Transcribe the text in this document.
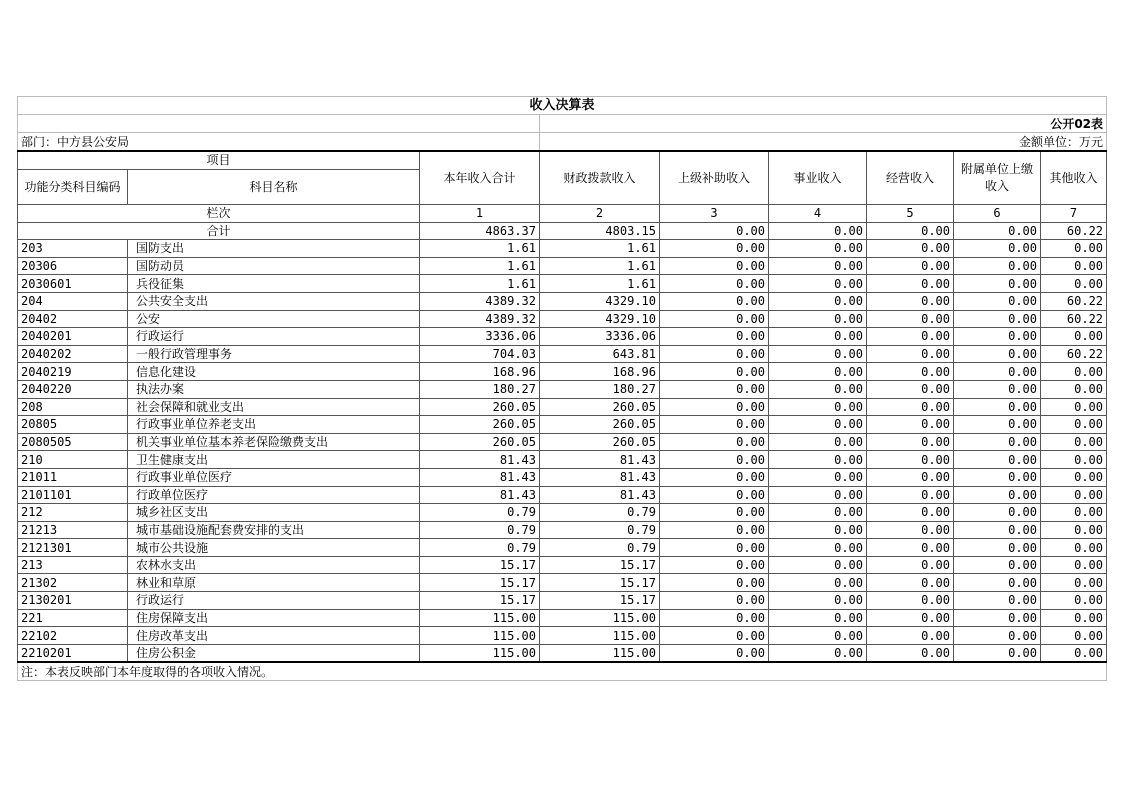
收入决算表								
			公开02表					
部门：中方县公安局			金额单位：万元					
项目		本年收入合计	财政拨款收入	上级补助收入	事业收入	经营收入	附属单位上缴收入	其他收入
功能分类科目编码	科目名称							
栏次		1	2	3	4	5	6	7
合计		4863.37	4803.15	0.00	0.00	0.00	0.00	60.22
203	国防支出	1.61	1.61	0.00	0.00	0.00	0.00	0.00
20306	国防动员	1.61	1.61	0.00	0.00	0.00	0.00	0.00
2030601	兵役征集	1.61	1.61	0.00	0.00	0.00	0.00	0.00
204	公共安全支出	4389.32	4329.10	0.00	0.00	0.00	0.00	60.22
20402	公安	4389.32	4329.10	0.00	0.00	0.00	0.00	60.22
2040201	行政运行	3336.06	3336.06	0.00	0.00	0.00	0.00	0.00
2040202	一般行政管理事务	704.03	643.81	0.00	0.00	0.00	0.00	60.22
2040219	信息化建设	168.96	168.96	0.00	0.00	0.00	0.00	0.00
2040220	执法办案	180.27	180.27	0.00	0.00	0.00	0.00	0.00
208	社会保障和就业支出	260.05	260.05	0.00	0.00	0.00	0.00	0.00
20805	行政事业单位养老支出	260.05	260.05	0.00	0.00	0.00	0.00	0.00
2080505	机关事业单位基本养老保险缴费支出	260.05	260.05	0.00	0.00	0.00	0.00	0.00
210	卫生健康支出	81.43	81.43	0.00	0.00	0.00	0.00	0.00
21011	行政事业单位医疗	81.43	81.43	0.00	0.00	0.00	0.00	0.00
2101101	行政单位医疗	81.43	81.43	0.00	0.00	0.00	0.00	0.00
212	城乡社区支出	0.79	0.79	0.00	0.00	0.00	0.00	0.00
21213	城市基础设施配套费安排的支出	0.79	0.79	0.00	0.00	0.00	0.00	0.00
2121301	城市公共设施	0.79	0.79	0.00	0.00	0.00	0.00	0.00
213	农林水支出	15.17	15.17	0.00	0.00	0.00	0.00	0.00
21302	林业和草原	15.17	15.17	0.00	0.00	0.00	0.00	0.00
2130201	行政运行	15.17	15.17	0.00	0.00	0.00	0.00	0.00
221	住房保障支出	115.00	115.00	0.00	0.00	0.00	0.00	0.00
22102	住房改革支出	115.00	115.00	0.00	0.00	0.00	0.00	0.00
2210201	住房公积金	115.00	115.00	0.00	0.00	0.00	0.00	0.00
注：本表反映部门本年度取得的各项收入情况。								
